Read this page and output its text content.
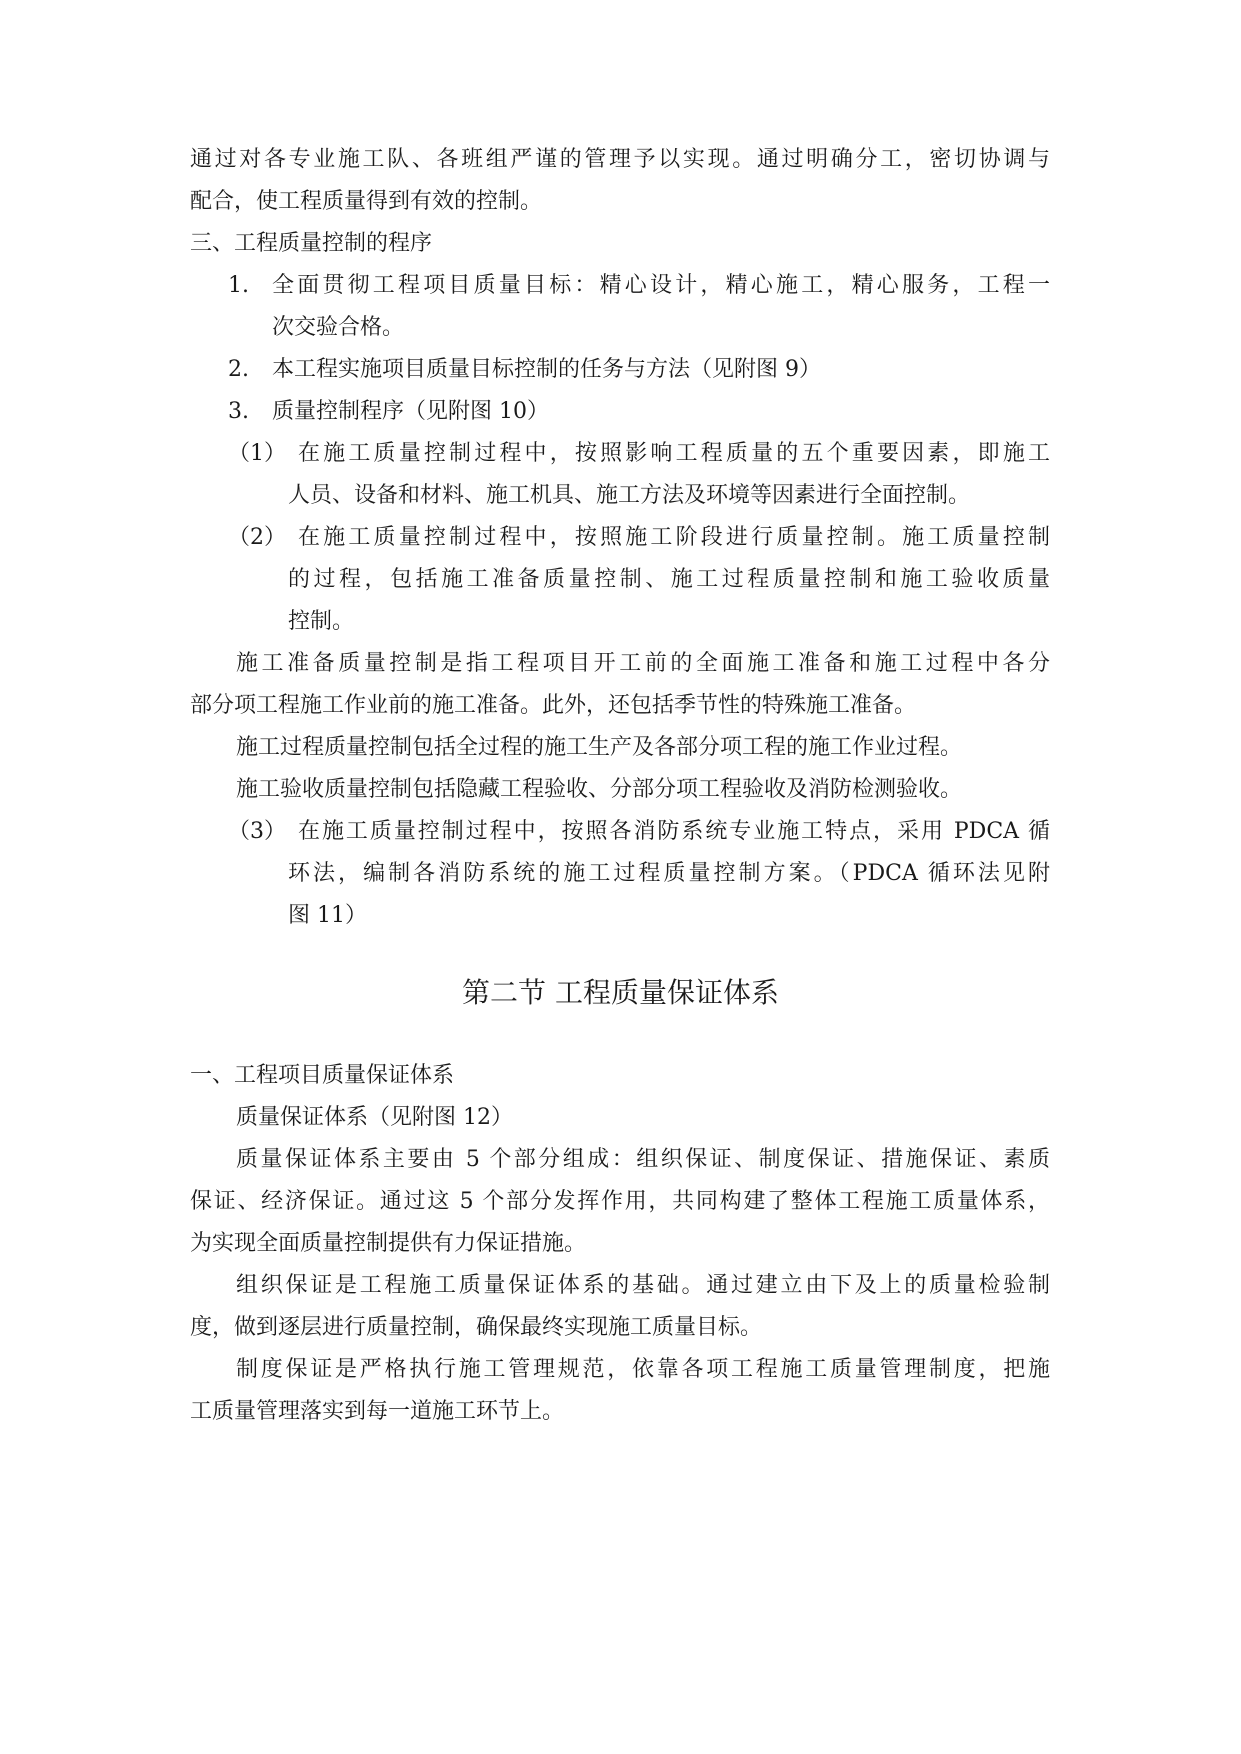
通过对各专业施工队、各班组严谨的管理予以实现。通过明确分工，密切协调与
配合，使工程质量得到有效的控制。
三、工程质量控制的程序
1. 全面贯彻工程项目质量目标：精心设计，精心施工，精心服务，工程一
次交验合格。
2. 本工程实施项目质量目标控制的任务与方法（见附图 9）
3. 质量控制程序（见附图 10）
（1） 在施工质量控制过程中，按照影响工程质量的五个重要因素，即施工
人员、设备和材料、施工机具、施工方法及环境等因素进行全面控制。
（2） 在施工质量控制过程中，按照施工阶段进行质量控制。施工质量控制
的过程，包括施工准备质量控制、施工过程质量控制和施工验收质量
控制。
施工准备质量控制是指工程项目开工前的全面施工准备和施工过程中各分
部分项工程施工作业前的施工准备。此外，还包括季节性的特殊施工准备。
施工过程质量控制包括全过程的施工生产及各部分项工程的施工作业过程。
施工验收质量控制包括隐藏工程验收、分部分项工程验收及消防检测验收。
（3） 在施工质量控制过程中，按照各消防系统专业施工特点，采用 PDCA 循
环法，编制各消防系统的施工过程质量控制方案。（PDCA 循环法见附
图 11）
第二节 工程质量保证体系
一、工程项目质量保证体系
质量保证体系（见附图 12）
质量保证体系主要由 5 个部分组成：组织保证、制度保证、措施保证、素质
保证、经济保证。通过这 5 个部分发挥作用，共同构建了整体工程施工质量体系，
为实现全面质量控制提供有力保证措施。
组织保证是工程施工质量保证体系的基础。通过建立由下及上的质量检验制
度，做到逐层进行质量控制，确保最终实现施工质量目标。
制度保证是严格执行施工管理规范，依靠各项工程施工质量管理制度，把施
工质量管理落实到每一道施工环节上。
